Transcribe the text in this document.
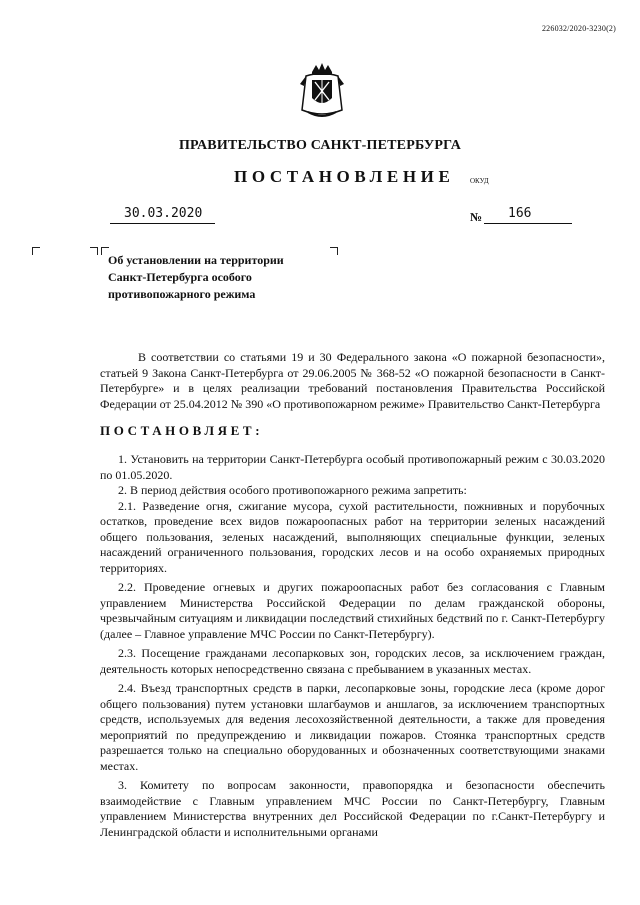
226032/2020-3230(2)
ПРАВИТЕЛЬСТВО САНКТ-ПЕТЕРБУРГА
ПОСТАНОВЛЕНИЕ ОКУД
30.03.2020	№ 166
Об установлении на территории
Санкт-Петербурга особого
противопожарного режима

В соответствии со статьями 19 и 30 Федерального закона «О пожарной безопасности», статьей 9 Закона Санкт-Петербурга от 29.06.2005 № 368-52 «О пожарной безопасности в Санкт-Петербурге» и в целях реализации требований постановления Правительства Российской Федерации от 25.04.2012 № 390 «О противопожарном режиме» Правительство Санкт-Петербурга

ПОСТАНОВЛЯЕТ:

1. Установить на территории Санкт-Петербурга особый противопожарный режим с 30.03.2020 по 01.05.2020.

2. В период действия особого противопожарного режима запретить:

2.1. Разведение огня, сжигание мусора, сухой растительности, пожнивных и порубочных остатков, проведение всех видов пожароопасных работ на территории зеленых насаждений общего пользования, зеленых насаждений, выполняющих специальные функции, зеленых насаждений ограниченного пользования, городских лесов и на особо охраняемых природных территориях.

2.2. Проведение огневых и других пожароопасных работ без согласования с Главным управлением Министерства Российской Федерации по делам гражданской обороны, чрезвычайным ситуациям и ликвидации последствий стихийных бедствий по г. Санкт-Петербургу (далее – Главное управление МЧС России по Санкт-Петербургу).

2.3. Посещение гражданами лесопарковых зон, городских лесов, за исключением граждан, деятельность которых непосредственно связана с пребыванием в указанных местах.

2.4. Въезд транспортных средств в парки, лесопарковые зоны, городские леса (кроме дорог общего пользования) путем установки шлагбаумов и аншлагов, за исключением транспортных средств, используемых для ведения лесохозяйственной деятельности, а также для проведения мероприятий по предупреждению и ликвидации пожаров. Стоянка транспортных средств разрешается только на специально оборудованных и обозначенных соответствующими знаками местах.

3. Комитету по вопросам законности, правопорядка и безопасности обеспечить взаимодействие с Главным управлением МЧС России по Санкт-Петербургу, Главным управлением Министерства внутренних дел Российской Федерации по г.Санкт-Петербургу и Ленинградской области и исполнительными органами
